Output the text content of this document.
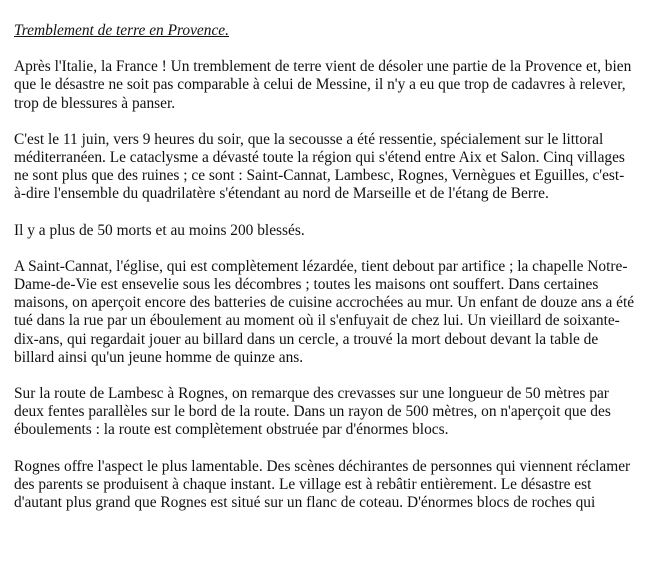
Tremblement de terre en Provence.

Après l'Italie, la France ! Un tremblement de terre vient de désoler une partie de la Provence et, bien que le désastre ne soit pas comparable à celui de Messine, il n'y a eu que trop de cadavres à relever, trop de blessures à panser.

C'est le 11 juin, vers 9 heures du soir, que la secousse a été ressentie, spécialement sur le littoral méditerranéen. Le cataclysme a dévasté toute la région qui s'étend entre Aix et Salon. Cinq villages ne sont plus que des ruines ; ce sont : Saint-Cannat, Lambesc, Rognes, Vernègues et Eguilles, c'est-à-dire l'ensemble du quadrilatère s'étendant au nord de Marseille et de l'étang de Berre.

Il y a plus de 50 morts et au moins 200 blessés.

A Saint-Cannat, l'église, qui est complètement lézardée, tient debout par artifice ; la chapelle Notre-Dame-de-Vie est ensevelie sous les décombres ; toutes les maisons ont souffert. Dans certaines maisons, on aperçoit encore des batteries de cuisine accrochées au mur. Un enfant de douze ans a été tué dans la rue par un éboulement au moment où il s'enfuyait de chez lui. Un vieillard de soixante-dix-ans, qui regardait jouer au billard dans un cercle, a trouvé la mort debout devant la table de billard ainsi qu'un jeune homme de quinze ans.

Sur la route de Lambesc à Rognes, on remarque des crevasses sur une longueur de 50 mètres par deux fentes parallèles sur le bord de la route. Dans un rayon de 500 mètres, on n'aperçoit que des éboulements : la route est complètement obstruée par d'énormes blocs.

Rognes offre l'aspect le plus lamentable. Des scènes déchirantes de personnes qui viennent réclamer des parents se produisent à chaque instant. Le village est à rebâtir entièrement. Le désastre est d'autant plus grand que Rognes est situé sur un flanc de coteau. D'énormes blocs de roches qui
